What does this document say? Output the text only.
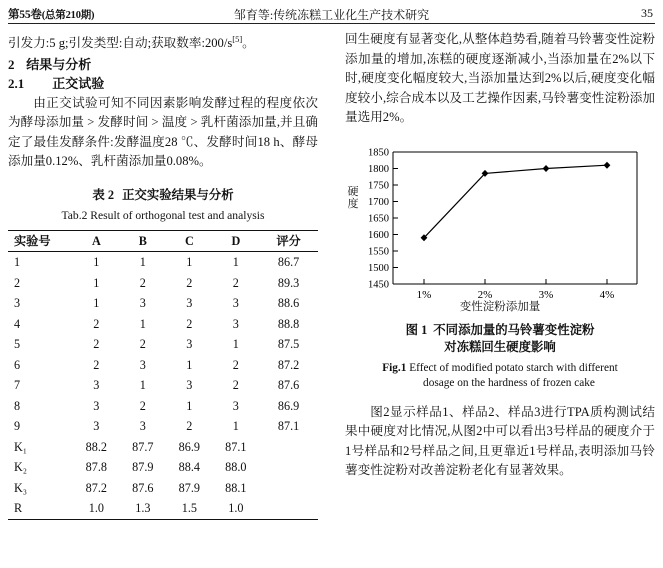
第55卷(总第210期)	邹育等:传统冻糕工业化生产技术研究	35

引发力:5 g;引发类型:自动;获取数率:200/s[5]。

2 结果与分析
2.1	正交试验

由正交试验可知不同因素影响发酵过程的程度依次为酵母添加量 > 发酵时间 > 温度 > 乳杆菌添加量,并且确定了最佳发酵条件:发酵温度28 ℃、发酵时间18 h、酵母添加量0.12%、乳杆菌添加量0.08%。

表 2 正交实验结果与分析
Tab.2 Result of orthogonal test and analysis
实验号	A	B	C	D	评分
1	1	1	1	1	86.7
2	1	2	2	2	89.3
3	1	3	3	3	88.6
4	2	1	2	3	88.8
5	2	2	3	1	87.5
6	2	3	1	2	87.2
7	3	1	3	2	87.6
8	3	2	1	3	86.9
9	3	3	2	1	87.1
K₁	88.2	87.7	86.9	87.1	
K₂	87.8	87.9	88.4	88.0	
K₃	87.2	87.6	87.9	88.1	
R	1.0	1.3	1.5	1.0	

回生硬度有显著变化,从整体趋势看,随着马铃薯变性淀粉添加量的增加,冻糕的硬度逐渐减小,当添加量在2%以下时,硬度变化幅度较大,当添加量达到2%以后,硬度变化幅度较小,综合成本以及工艺操作因素,马铃薯变性淀粉添加量选用2%。

硬度
1450
1500
1550
1600
1650
1700
1750
1800
1850
1%	2%	3%	4%
变性淀粉添加量
图 1 不同添加量的马铃薯变性淀粉
对冻糕回生硬度影响
Fig.1 Effect of modified potato starch with different
dosage on the hardness of frozen cake

图2显示样品1、样品2、样品3进行TPA质构测试结果中硬度对比情况,从图2中可以看出3号样品的硬度介于1号样品和2号样品之间,且更靠近1号样品,表明添加马铃薯变性淀粉对改善淀粉老化有显著效果。
